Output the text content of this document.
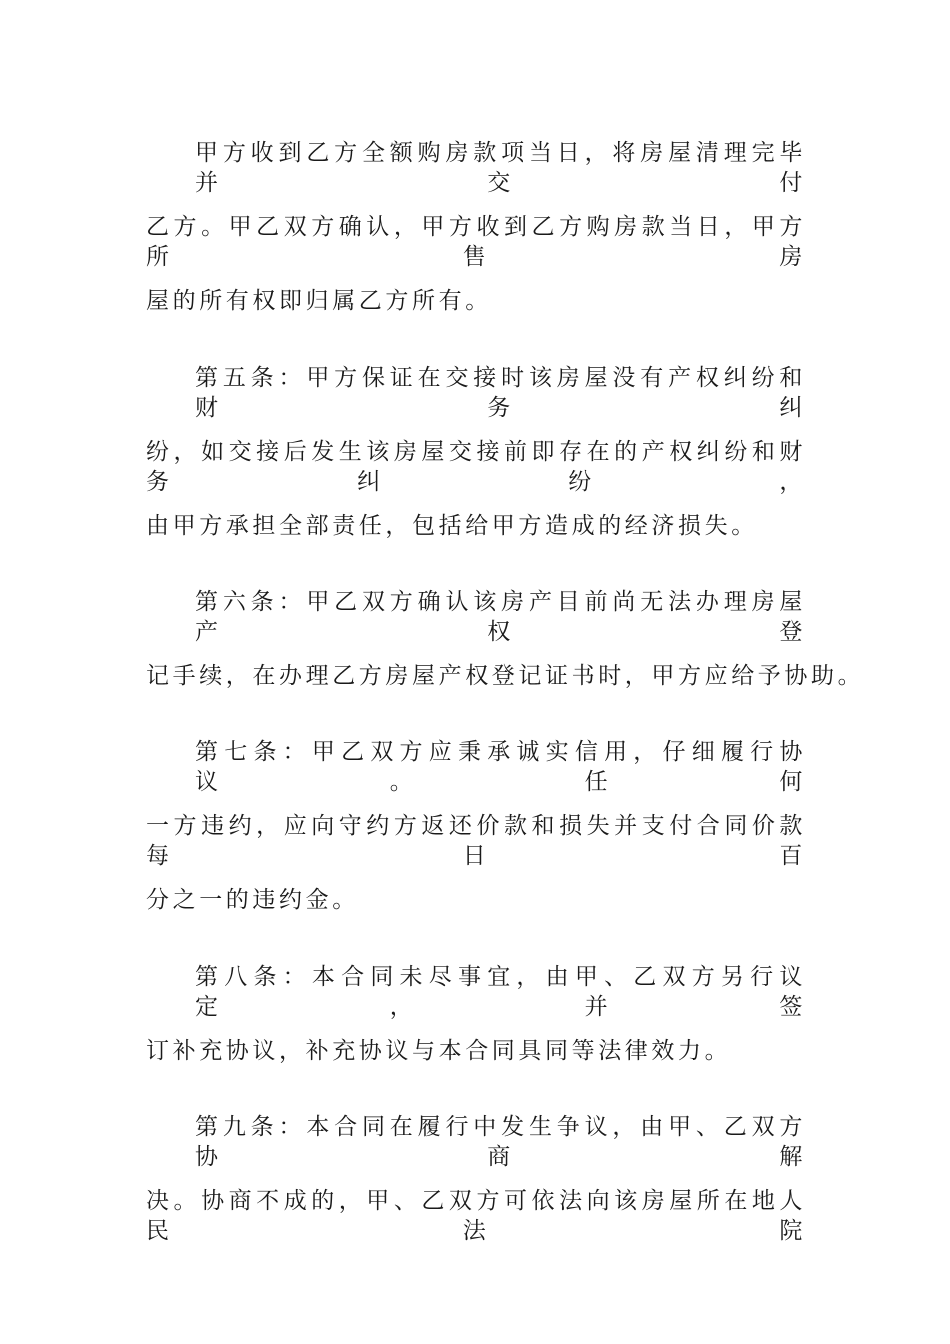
甲方收到乙方全额购房款项当日，将房屋清理完毕并交付
乙方。甲乙双方确认，甲方收到乙方购房款当日，甲方所售房
屋的所有权即归属乙方所有。
第五条：甲方保证在交接时该房屋没有产权纠纷和财务纠
纷，如交接后发生该房屋交接前即存在的产权纠纷和财务纠纷，
由甲方承担全部责任，包括给甲方造成的经济损失。
第六条：甲乙双方确认该房产目前尚无法办理房屋产权登
记手续，在办理乙方房屋产权登记证书时，甲方应给予协助。
第七条：甲乙双方应秉承诚实信用，仔细履行协议。任何
一方违约，应向守约方返还价款和损失并支付合同价款每日百
分之一的违约金。
第八条：本合同未尽事宜，由甲、乙双方另行议定，并签
订补充协议，补充协议与本合同具同等法律效力。
第九条：本合同在履行中发生争议，由甲、乙双方协商解
决。协商不成的，甲、乙双方可依法向该房屋所在地人民法院
